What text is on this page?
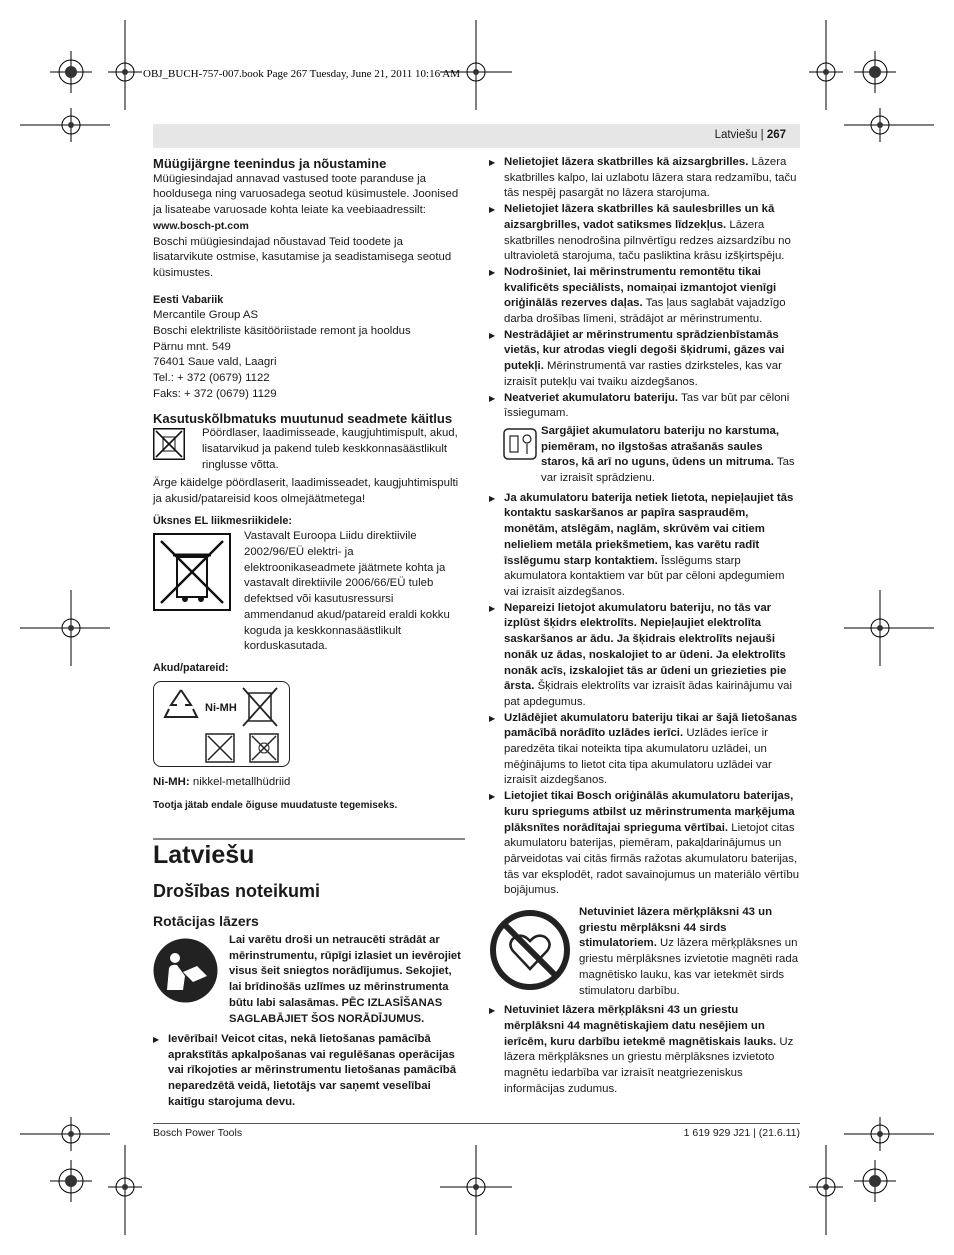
OBJ_BUCH-757-007.book Page 267 Tuesday, June 21, 2011 10:16 AM
Latviešu | 267

Müügijärgne teenindus ja nõustamine

Müügiesindajad annavad vastused toote paranduse ja hooldusega ning varuosadega seotud küsimustele. Joonised ja lisateabe varuosade kohta leiate ka veebiaadressilt:

www.bosch-pt.com

Boschi müügiesindajad nõustavad Teid toodete ja lisatarvikute ostmise, kasutamise ja seadistamisega seotud küsimustes.

Eesti Vabariik

Mercantile Group AS

Boschi elektriliste käsitööriistade remont ja hooldus

Pärnu mnt. 549

76401 Saue vald, Laagri

Tel.: + 372 (0679) 1122

Faks: + 372 (0679) 1129

Kasutuskõlbmatuks muutunud seadmete käitlus

Pöördlaser, laadimisseade, kaugjuhtimispult, akud, lisatarvikud ja pakend tuleb keskkonnasäästlikult ringlusse võtta.

Ärge käidelge pöördlaserit, laadimisseadet, kaugjuhtimispulti ja akusid/patareisid koos olmejäätmetega!

Üksnes EL liikmesriikidele:

Vastavalt Euroopa Liidu direktiivile 2002/96/EÜ elektri- ja elektroonikaseadmete jäätmete kohta ja vastavalt direktiivile 2006/66/EÜ tuleb defektsed või kasutusressursi ammendanud akud/patareid eraldi kokku koguda ja keskkonnasäästlikult korduskasutada.

Akud/patareid:

Ni-MH

Ni-MH: nikkel-metallhüdriid

Tootja jätab endale õiguse muudatuste tegemiseks.

Latviešu
Drošības noteikumi
Rotācijas lāzers
Lai varētu droši un netraucēti strādāt ar mērinstrumentu, rūpīgi izlasiet un ievērojiet visus šeit sniegtos norādījumus. Sekojiet, lai brīdinošās uzlīmes uz mērinstrumenta būtu labi salasāmas. PĒC IZLASĪŠANAS SAGLABĀJIET ŠOS NORĀDĪJUMUS.

▶ Ievērībai! Veicot citas, nekā lietošanas pamācībā aprakstītās apkalpošanas vai regulēšanas operācijas vai rīkojoties ar mērinstrumentu lietošanas pamācībā neparedzētā veidā, lietotājs var saņemt veselībai kaitīgu starojuma devu.

▶ Nelietojiet lāzera skatbrilles kā aizsargbrilles. Lāzera skatbrilles kalpo, lai uzlabotu lāzera stara redzamību, taču tās nespēj pasargāt no lāzera starojuma.

▶ Nelietojiet lāzera skatbrilles kā saulesbrilles un kā aizsargbrilles, vadot satiksmes līdzekļus. Lāzera skatbrilles nenodrošina pilnvērtīgu redzes aizsardzību no ultravioletā starojuma, taču pasliktina krāsu izšķirtspēju.

▶ Nodrošiniet, lai mērinstrumentu remontētu tikai kvalificēts speciālists, nomaiņai izmantojot vienīgi oriģinālās rezerves daļas. Tas ļaus saglabāt vajadzīgo darba drošības līmeni, strādājot ar mērinstrumentu.

▶ Nestrādājiet ar mērinstrumentu sprādzienbīstamās vietās, kur atrodas viegli degoši šķidrumi, gāzes vai putekļi. Mērinstrumentā var rasties dzirksteles, kas var izraisīt putekļu vai tvaiku aizdegšanos.

▶ Neatveriet akumulatoru bateriju. Tas var būt par cēloni īssiegumam.

Sargājiet akumulatoru bateriju no karstuma, piemēram, no ilgstošas atrašanās saules staros, kā arī no uguns, ūdens un mitruma. Tas var izraisīt sprādzienu.

▶ Ja akumulatoru baterija netiek lietota, nepieļaujiet tās kontaktu saskaršanos ar papīra saspraudēm, monētām, atslēgām, naglām, skrūvēm vai citiem nelieliem metāla priekšmetiem, kas varētu radīt īsslēgumu starp kontaktiem. Īsslēgums starp akumulatora kontaktiem var būt par cēloni apdegumiem vai izraisīt aizdegšanos.

▶ Nepareizi lietojot akumulatoru bateriju, no tās var izplūst šķidrs elektrolīts. Nepieļaujiet elektrolīta saskaršanos ar ādu. Ja šķidrais elektrolīts nejauši nonāk uz ādas, noskalojiet to ar ūdeni. Ja elektrolīts nonāk acīs, izskalojiet tās ar ūdeni un griezieties pie ārsta. Šķidrais elektrolīts var izraisīt ādas kairinājumu vai pat apdegumus.

▶ Uzlādējiet akumulatoru bateriju tikai ar šajā lietošanas pamācībā norādīto uzlādes ierīci. Uzlādes ierīce ir paredzēta tikai noteikta tipa akumulatoru uzlādei, un mēģinājums to lietot cita tipa akumulatoru uzlādei var izraisīt aizdegšanos.

▶ Lietojiet tikai Bosch oriģinālās akumulatoru baterijas, kuru spriegums atbilst uz mērinstrumenta marķējuma plāksnītes norādītajai sprieguma vērtībai. Lietojot citas akumulatoru baterijas, piemēram, pakaļdarinājumus un pārveidotas vai citās firmās ražotas akumulatoru baterijas, tās var eksplodēt, radot savainojumus un materiālo vērtību bojājumus.

Netuviniet lāzera mērķplāksni 43 un griestu mērplāksni 44 sirds stimulatoriem. Uz lāzera mērķplāksnes un griestu mērplāksnes izvietotie magnēti rada magnētisko lauku, kas var ietekmēt sirds stimulatoru darbību.

▶ Netuviniet lāzera mērķplāksni 43 un griestu mērplāksni 44 magnētiskajiem datu nesējiem un ierīcēm, kuru darbību ietekmē magnētiskais lauks. Uz lāzera mērķplāksnes un griestu mērplāksnes izvietoto magnētu iedarbība var izraisīt neatgriezeniskus informācijas zudumus.

Bosch Power Tools	1 619 929 J21 | (21.6.11)
